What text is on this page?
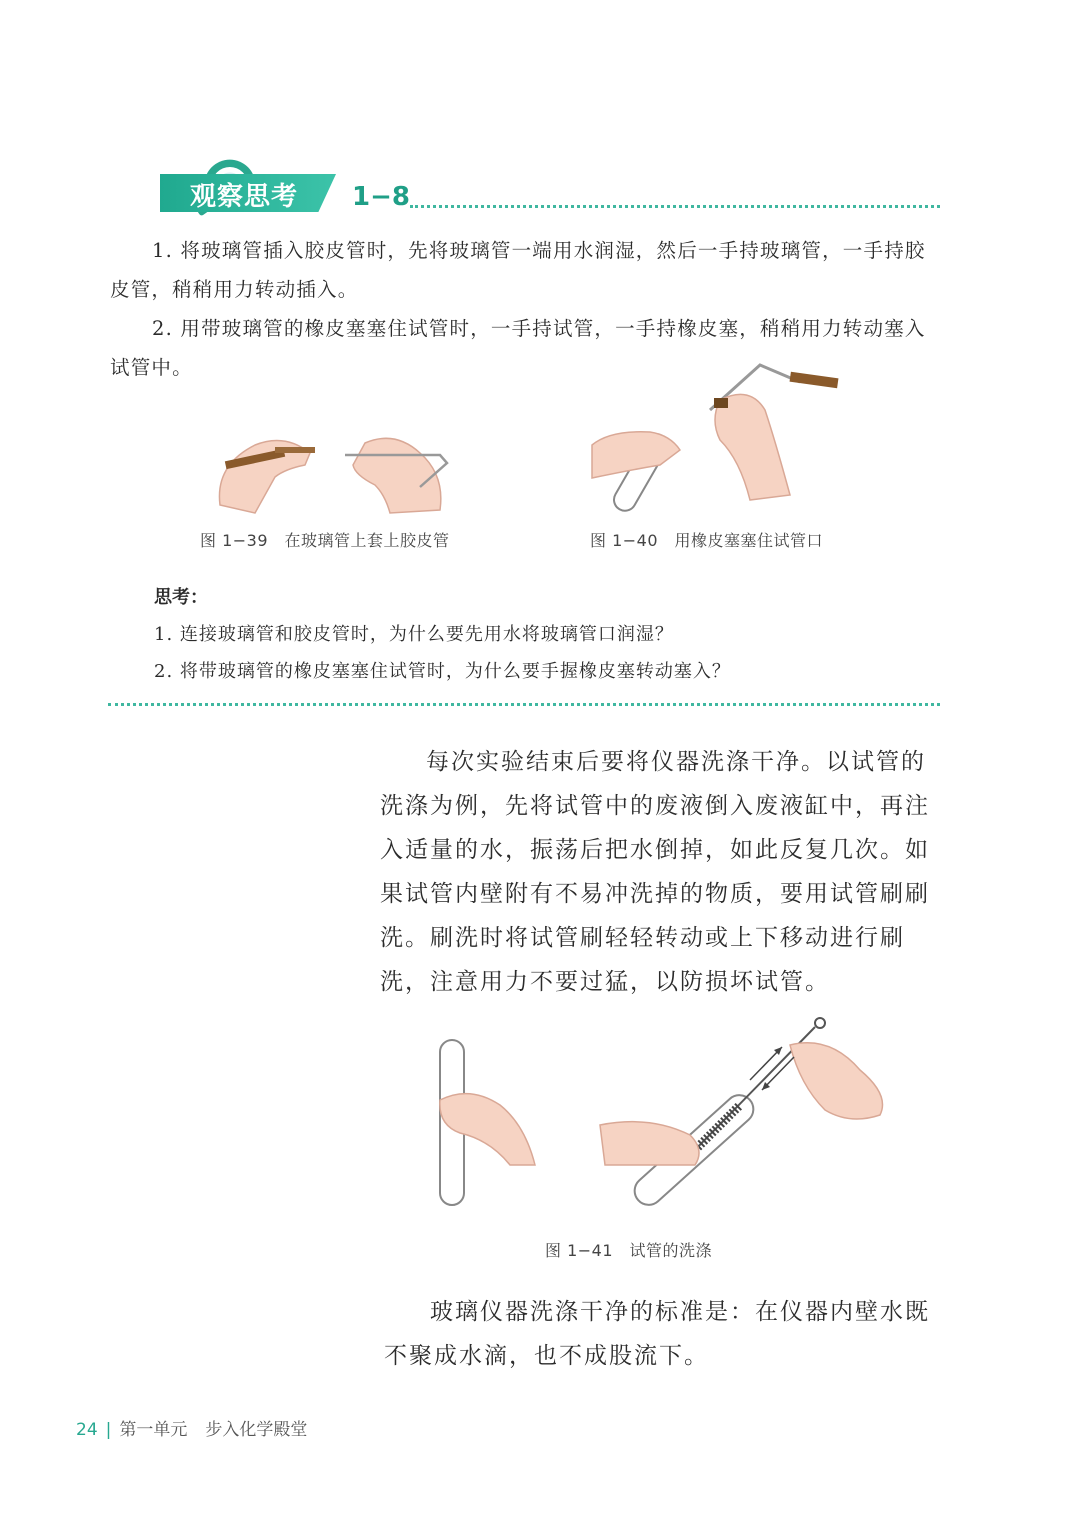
观察思考 1−8
1. 将玻璃管插入胶皮管时，先将玻璃管一端用水润湿，然后一手持玻璃管，一手持胶皮管，稍稍用力转动插入。
2. 用带玻璃管的橡皮塞塞住试管时，一手持试管，一手持橡皮塞，稍稍用力转动塞入试管中。
图 1−39　在玻璃管上套上胶皮管	图 1−40　用橡皮塞塞住试管口
思考：
1. 连接玻璃管和胶皮管时，为什么要先用水将玻璃管口润湿？
2. 将带玻璃管的橡皮塞塞住试管时，为什么要手握橡皮塞转动塞入？
每次实验结束后要将仪器洗涤干净。以试管的洗涤为例，先将试管中的废液倒入废液缸中，再注入适量的水，振荡后把水倒掉，如此反复几次。如果试管内壁附有不易冲洗掉的物质，要用试管刷刷洗。刷洗时将试管刷轻轻转动或上下移动进行刷洗，注意用力不要过猛，以防损坏试管。
图 1−41　试管的洗涤
玻璃仪器洗涤干净的标准是：在仪器内壁水既不聚成水滴，也不成股流下。
24 | 第一单元 步入化学殿堂
